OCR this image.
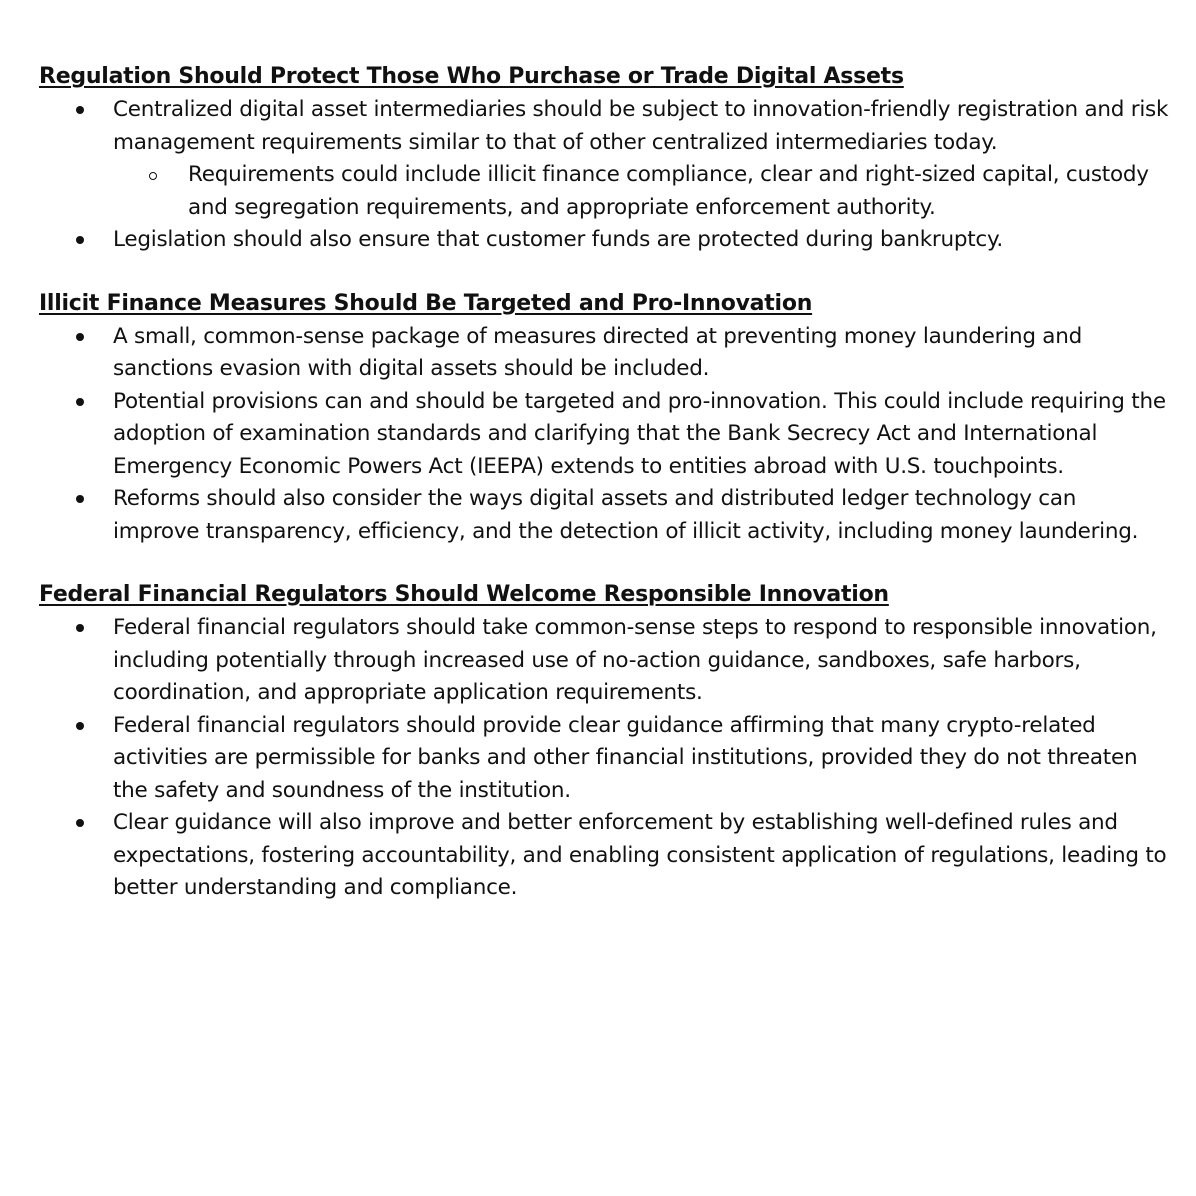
Regulation Should Protect Those Who Purchase or Trade Digital Assets
Centralized digital asset intermediaries should be subject to innovation-friendly registration and risk management requirements similar to that of other centralized intermediaries today.
Requirements could include illicit finance compliance, clear and right-sized capital, custody and segregation requirements, and appropriate enforcement authority.
Legislation should also ensure that customer funds are protected during bankruptcy.
Illicit Finance Measures Should Be Targeted and Pro-Innovation
A small, common-sense package of measures directed at preventing money laundering and sanctions evasion with digital assets should be included.
Potential provisions can and should be targeted and pro-innovation. This could include requiring the adoption of examination standards and clarifying that the Bank Secrecy Act and International Emergency Economic Powers Act (IEEPA) extends to entities abroad with U.S. touchpoints.
Reforms should also consider the ways digital assets and distributed ledger technology can improve transparency, efficiency, and the detection of illicit activity, including money laundering.
Federal Financial Regulators Should Welcome Responsible Innovation
Federal financial regulators should take common-sense steps to respond to responsible innovation, including potentially through increased use of no-action guidance, sandboxes, safe harbors, coordination, and appropriate application requirements.
Federal financial regulators should provide clear guidance affirming that many crypto-related activities are permissible for banks and other financial institutions, provided they do not threaten the safety and soundness of the institution.
Clear guidance will also improve and better enforcement by establishing well-defined rules and expectations, fostering accountability, and enabling consistent application of regulations, leading to better understanding and compliance.
